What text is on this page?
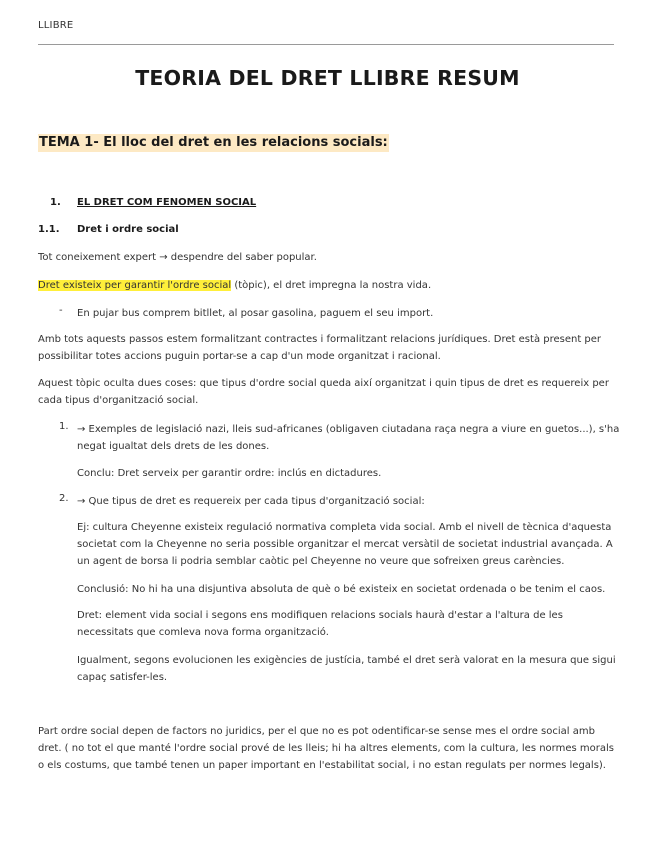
LLIBRE
TEORIA DEL DRET LLIBRE RESUM
TEMA 1- El lloc del dret en les relacions socials:
1. EL DRET COM FENOMEN SOCIAL
1.1. Dret i ordre social
Tot coneixement expert → despendre del saber popular.
Dret existeix per garantir l'ordre social (tòpic), el dret impregna la nostra vida.
- En pujar bus comprem bitllet, al posar gasolina, paguem el seu import.
Amb tots aquests passos estem formalitzant contractes i formalitzant relacions jurídiques. Dret està present per possibilitar totes accions puguin portar-se a cap d'un mode organitzat i racional.
Aquest tòpic oculta dues coses: que tipus d'ordre social queda així organitzat i quin tipus de dret es requereix per cada tipus d'organització social.
1. → Exemples de legislació nazi, lleis sud-africanes (obligaven ciutadana raça negra a viure en guetos...), s'ha negat igualtat dels drets de les dones.
Conclu: Dret serveix per garantir ordre: inclús en dictadures.
2. → Que tipus de dret es requereix per cada tipus d'organització social:
Ej: cultura Cheyenne existeix regulació normativa completa vida social. Amb el nivell de tècnica d'aquesta societat com la Cheyenne no seria possible organitzar el mercat versàtil de societat industrial avançada. A un agent de borsa li podria semblar caòtic pel Cheyenne no veure que sofreixen greus carències.
Conclusió: No hi ha una disjuntiva absoluta de què o bé existeix en societat ordenada o be tenim el caos.
Dret: element vida social i segons ens modifiquen relacions socials haurà d'estar a l'altura de les necessitats que comleva nova forma organització.
Igualment, segons evolucionen les exigències de justícia, també el dret serà valorat en la mesura que sigui capaç satisfer-les.
Part ordre social depen de factors no juridics, per el que no es pot odentificar-se sense mes el ordre social amb dret. ( no tot el que manté l'ordre social prové de les lleis; hi ha altres elements, com la cultura, les normes morals o els costums, que també tenen un paper important en l'estabilitat social, i no estan regulats per normes legals).
